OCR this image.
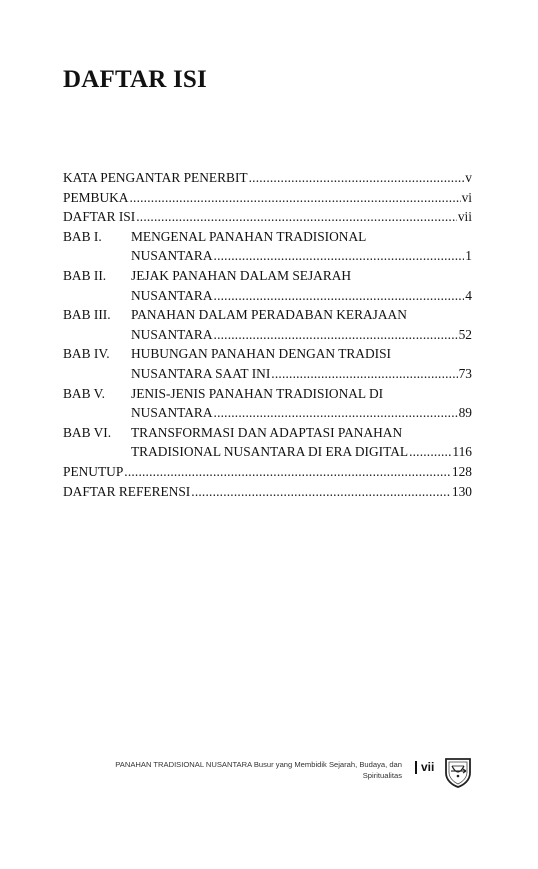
DAFTAR ISI
KATA PENGANTAR PENERBIT .....	v
PEMBUKA .....	vi
DAFTAR ISI .....	vii
BAB I.	MENGENAL PANAHAN TRADISIONAL
NUSANTARA .....	1
BAB II.	JEJAK PANAHAN DALAM SEJARAH
NUSANTARA .....	4
BAB III.	PANAHAN DALAM PERADABAN KERAJAAN
NUSANTARA .....	52
BAB IV.	HUBUNGAN PANAHAN DENGAN TRADISI
NUSANTARA SAAT INI .....	73
BAB V.	JENIS-JENIS PANAHAN TRADISIONAL DI
NUSANTARA .....	89
BAB VI.	TRANSFORMASI DAN ADAPTASI PANAHAN
TRADISIONAL NUSANTARA DI ERA DIGITAL .....	116
PENUTUP .....	128
DAFTAR REFERENSI .....	130
PANAHAN TRADISIONAL NUSANTARA Busur yang Membidik Sejarah, Budaya, dan
Spiritualitas
vii
